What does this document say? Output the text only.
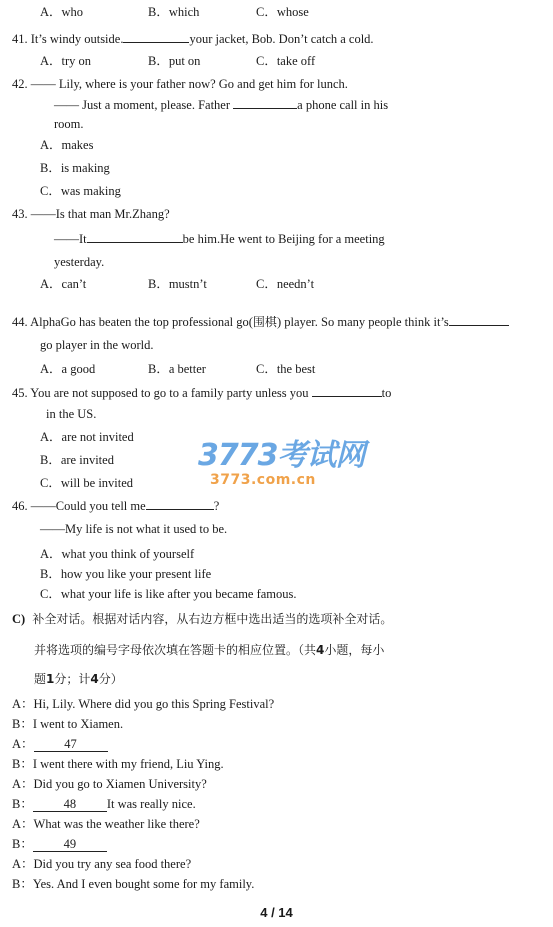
A．who	B．which	C．whose
41. It’s windy outside.	your jacket, Bob. Don’t catch a cold.
A．try on	B．put on	C．take off
42. —— Lily, where is your father now? Go and get him for lunch.
—— Just a moment, please. Father	a phone call in his
room.
A．makes
B．is making
C．was making
43. ——Is that man Mr.Zhang?
——It	be him.He went to Beijing for a meeting
yesterday.
A．can’t	B．mustn’t	C．needn’t
44. AlphaGo has beaten the top professional go(围棋) player. So many people think it’s
go player in the world.
A．a good	B．a better	C．the best
45. You are not supposed to go to a family party unless you	to
in the US.
A．are not invited
B．are invited
C．will be invited
46. ——Could you tell me	?
——My life is not what it used to be.
A．what you think of yourself
B．how you like your present life
C．what your life is like after you became famous.
C) 补全对话。根据对话内容，从右边方框中选出适当的选项补全对话。
并将选项的编号字母依次填在答题卡的相应位置。（共4小题，每小
题1分；计4分）
A：Hi, Lily. Where did you go this Spring Festival?
B：I went to Xiamen.
A： 47
B：I went there with my friend, Liu Ying.
A：Did you go to Xiamen University?
B： 48 It was really nice.
A：What was the weather like there?
B： 49
A：Did you try any sea food there?
B：Yes. And I even bought some for my family.
3773考试网
3773.com.cn
4 / 14
